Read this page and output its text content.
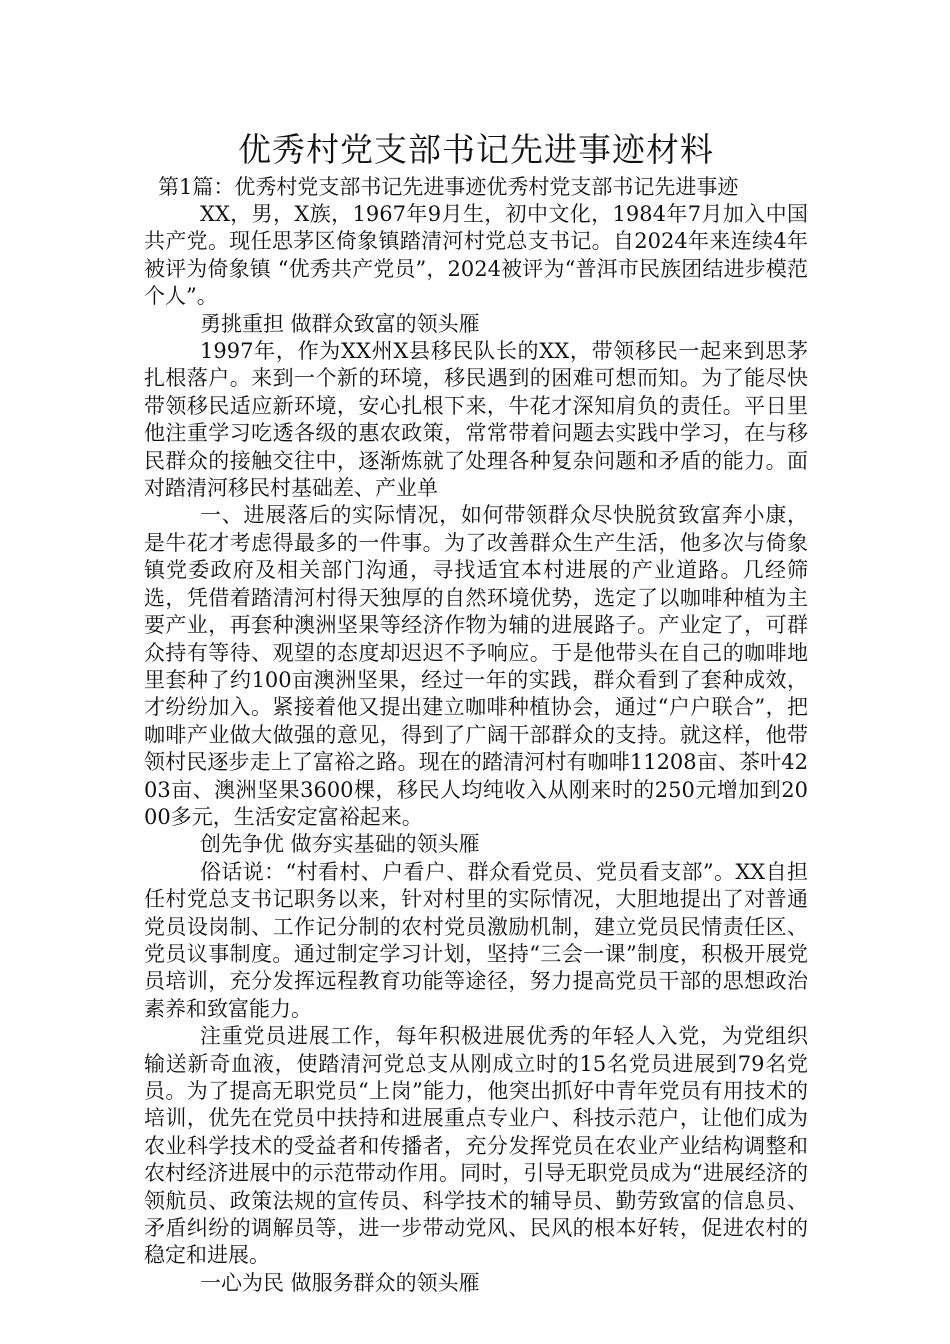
优秀村党支部书记先进事迹材料

第1篇：优秀村党支部书记先进事迹优秀村党支部书记先进事迹

XX，男，X族，1967年9月生，初中文化，1984年7月加入中国共产党。现任思茅区倚象镇踏清河村党总支书记。自2024年来连续4年被评为倚象镇 “优秀共产党员”，2024被评为“普洱市民族团结进步模范个人”。

勇挑重担 做群众致富的领头雁

1997年，作为XX州X县移民队长的XX，带领移民一起来到思茅扎根落户。来到一个新的环境，移民遇到的困难可想而知。为了能尽快带领移民适应新环境，安心扎根下来，牛花才深知肩负的责任。平日里他注重学习吃透各级的惠农政策，常常带着问题去实践中学习，在与移民群众的接触交往中，逐渐炼就了处理各种复杂问题和矛盾的能力。面对踏清河移民村基础差、产业单

一、进展落后的实际情况，如何带领群众尽快脱贫致富奔小康，是牛花才考虑得最多的一件事。为了改善群众生产生活，他多次与倚象镇党委政府及相关部门沟通，寻找适宜本村进展的产业道路。几经筛选，凭借着踏清河村得天独厚的自然环境优势，选定了以咖啡种植为主要产业，再套种澳洲坚果等经济作物为辅的进展路子。产业定了，可群众持有等待、观望的态度却迟迟不予响应。于是他带头在自己的咖啡地里套种了约100亩澳洲坚果，经过一年的实践，群众看到了套种成效，才纷纷加入。紧接着他又提出建立咖啡种植协会，通过“户户联合”，把咖啡产业做大做强的意见，得到了广阔干部群众的支持。就这样，他带领村民逐步走上了富裕之路。现在的踏清河村有咖啡11208亩、茶叶4203亩、澳洲坚果3600棵，移民人均纯收入从刚来时的250元增加到2000多元，生活安定富裕起来。

创先争优 做夯实基础的领头雁

俗话说：“村看村、户看户、群众看党员、党员看支部”。XX自担任村党总支书记职务以来，针对村里的实际情况，大胆地提出了对普通党员设岗制、工作记分制的农村党员激励机制，建立党员民情责任区、党员议事制度。通过制定学习计划，坚持“三会一课”制度，积极开展党员培训，充分发挥远程教育功能等途径，努力提高党员干部的思想政治素养和致富能力。

注重党员进展工作，每年积极进展优秀的年轻人入党，为党组织输送新奇血液，使踏清河党总支从刚成立时的15名党员进展到79名党员。为了提高无职党员“上岗”能力，他突出抓好中青年党员有用技术的培训，优先在党员中扶持和进展重点专业户、科技示范户，让他们成为农业科学技术的受益者和传播者，充分发挥党员在农业产业结构调整和农村经济进展中的示范带动作用。同时，引导无职党员成为“进展经济的领航员、政策法规的宣传员、科学技术的辅导员、勤劳致富的信息员、矛盾纠纷的调解员等，进一步带动党风、民风的根本好转，促进农村的稳定和进展。

一心为民 做服务群众的领头雁
